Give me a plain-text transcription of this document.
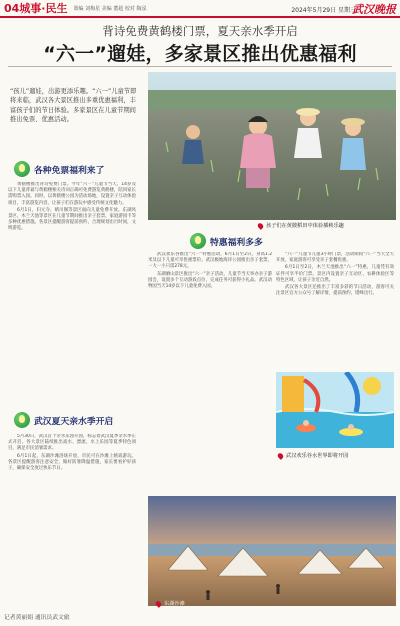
04城事·民生 策编 刘梅星 美编 董超 校对 陶泓	2024年5月29日 星期三
武汉晚报
背诗免费黄鹤楼门票，夏天亲水季开启
“六一”遛娃，多家景区推出优惠福利
“孩儿”遛娃，出游更添乐趣。“六一”儿童节即将来临，武汉各大景区推出多重优惠福利，丰富孩子们的节日体验。多家景区在儿童节期间推出免票、优惠活动。
各种免票福利来了

黄鹤楼推出背诗免费门票。今年“六一”儿童节当天，14岁及以下儿童背诵与黄鹤楼相关诗词正确可免费游览黄鹤楼，陪同家长需购票入园。同时，以黄鹤楼公园为活动场地，设置亲子互动体验项目，丰富游览内容，让孩子们在游玩中感受传统文化魅力。

6月1日，归元寺、晴川阁等景区面向儿童免费开放。东湖风景区、木兰天池等景区在儿童节期间推出亲子套票、家庭游园卡等多种优惠措施。各景区提醒游客提前预约，合理规划出行时间，文明游览。

武汉夏天亲水季开启

5月30日，武汉首个亲水乐园开园，标志着武汉夏季亲水季正式开启。各大景区陆续推出戏水、漂流、水上乐园等夏季特色项目，满足市民消暑需求。

6月1日起，东湖沙滩浴场开放，市民可在沙滩上嬉戏游玩。各景区提醒游客注意安全，做好防暑降温措施，家长要看护好孩子，确保安全度过快乐节日。

孩子们在黄陂稻田中体验插秧乐趣
特惠福利多多

武汉欢乐谷推出“六一”特惠活动，6月1日至2日，身高1.2米及以下儿童可享优惠票价。武汉极地海洋公园推出亲子套票，一大一小只需278元。

东湖磨山景区推出“六一”亲子活动，儿童节当天举办亲子游园会，设置多个互动游戏点位，完成任务可获得小礼品。武汉动物园当天14岁以下儿童免费入园。

“六一”儿童节儿童3小时门票，活动期间“六一”当天全天开放，家庭游客可享受亲子套餐优惠。

6月1日至2日，木兰天池推出“六一”特惠，儿童凭有效证件可享半价门票。景区内设置亲子互动区、农耕体验区等特色区域，让孩子亲近自然。

武汉各大景区还推出了丰富多彩的节日活动，游客可关注景区官方公众号了解详情，提前预约，错峰出行。

武汉欢乐谷水世界即将开园
东湖沙滩
记者黄丽娟 通讯员武文旅
